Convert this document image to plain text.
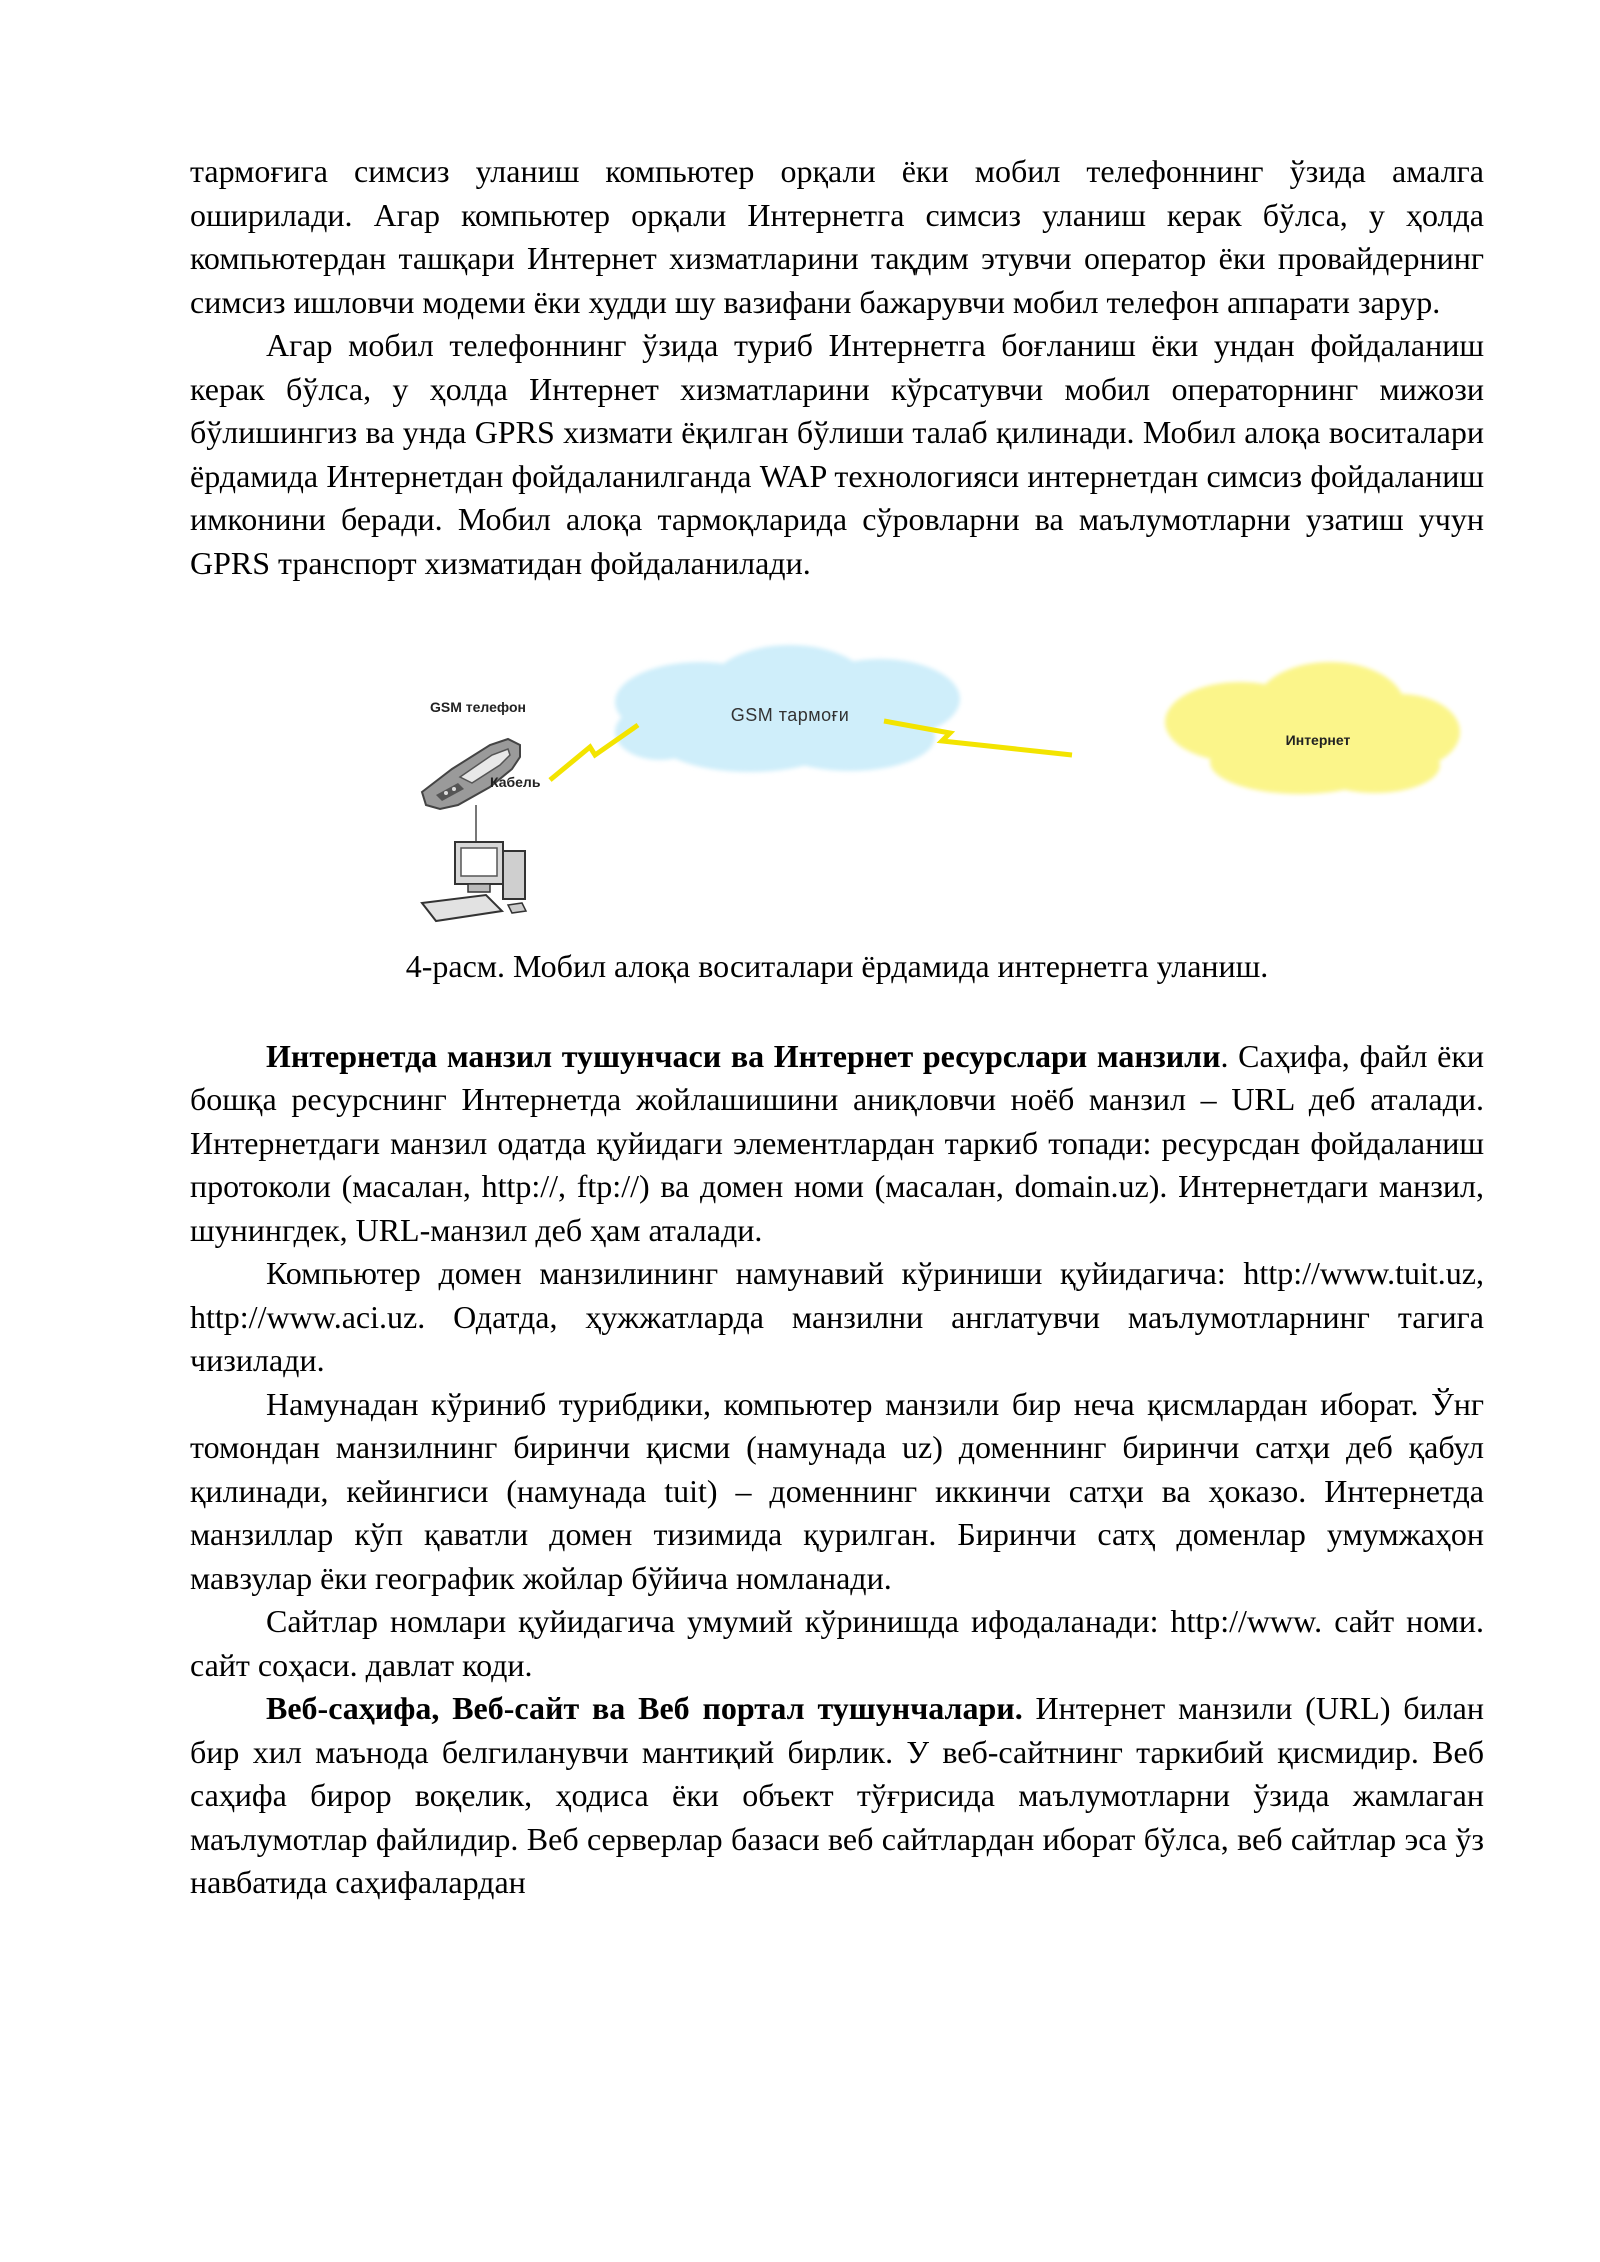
тармоғига симсиз уланиш компьютер орқали ёки мобил телефоннинг ўзида амалга оширилади. Агар компьютер орқали Интернетга симсиз уланиш керак бўлса, у ҳолда компьютердан ташқари Интернет хизматларини тақдим этувчи оператор ёки провайдернинг симсиз ишловчи модеми ёки худди шу вазифани бажарувчи мобил телефон аппарати зарур.

Агар мобил телефоннинг ўзида туриб Интернетга боғланиш ёки ундан фойдаланиш керак бўлса, у ҳолда Интернет хизматларини кўрсатувчи мобил операторнинг мижози бўлишингиз ва унда GPRS хизмати ёқилган бўлиши талаб қилинади. Мобил алоқа воситалари ёрдамида Интернетдан фойдаланилганда WAP технологияси интернетдан симсиз фойдаланиш имконини беради. Мобил алоқа тармоқларида сўровларни ва маълумотларни узатиш учун GPRS транспорт хизматидан фойдаланилади.

GSM тармоғи
Интернет
GSM телефон
Кабель

4-расм. Мобил алоқа воситалари ёрдамида интернетга уланиш.

Интернетда манзил тушунчаси ва Интернет ресурслари манзили. Саҳифа, файл ёки бошқа ресурснинг Интернетда жойлашишини аниқловчи ноёб манзил – URL деб аталади. Интернетдаги манзил одатда қуйидаги элементлардан таркиб топади: ресурсдан фойдаланиш протоколи (масалан, http://, ftp://) ва домен номи (масалан, domain.uz). Интернетдаги манзил, шунингдек, URL-манзил деб ҳам аталади.

Компьютер домен манзилининг намунавий кўриниши қуйидагича: http://www.tuit.uz, http://www.aci.uz. Одатда, ҳужжатларда манзилни англатувчи маълумотларнинг тагига чизилади.

Намунадан кўриниб турибдики, компьютер манзили бир неча қисмлардан иборат. Ўнг томондан манзилнинг биринчи қисми (намунада uz) доменнинг биринчи сатҳи деб қабул қилинади, кейингиси (намунада tuit) – доменнинг иккинчи сатҳи ва ҳоказо. Интернетда манзиллар кўп қаватли домен тизимида қурилган. Биринчи сатҳ доменлар умумжаҳон мавзулар ёки географик жойлар бўйича номланади.

Сайтлар номлари қуйидагича умумий кўринишда ифодаланади: http://www. сайт номи. сайт соҳаси. давлат коди.

Веб-саҳифа, Веб-сайт ва Веб портал тушунчалари. Интернет манзили (URL) билан бир хил маънода белгиланувчи мантиқий бирлик. У веб-сайтнинг таркибий қисмидир. Веб саҳифа бирор воқелик, ҳодиса ёки объект тўғрисида маълумотларни ўзида жамлаган маълумотлар файлидир. Веб серверлар базаси веб сайтлардан иборат бўлса, веб сайтлар эса ўз навбатида саҳифалардан
